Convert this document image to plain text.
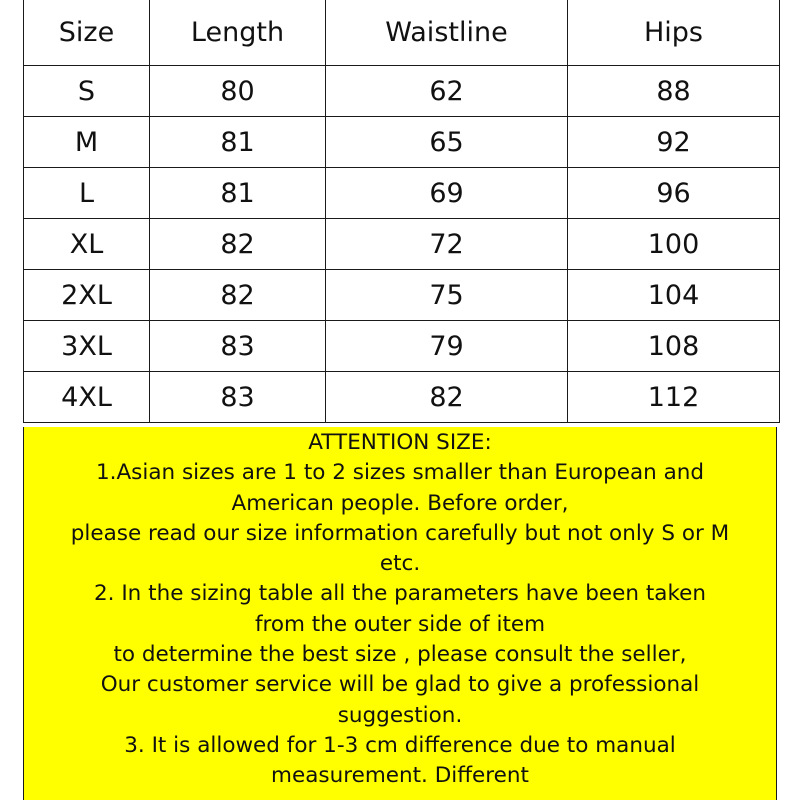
Size	Length	Waistline	Hips
S	80	62	88
M	81	65	92
L	81	69	96
XL	82	72	100
2XL	82	75	104
3XL	83	79	108
4XL	83	82	112
ATTENTION SIZE:
1.Asian sizes are 1 to 2 sizes smaller than European and
American people. Before order,
please read our size information carefully but not only S or M
etc.
2. In the sizing table all the parameters have been taken
from the outer side of item
to determine the best size , please consult the seller,
Our customer service will be glad to give a professional
suggestion.
3. It is allowed for 1-3 cm difference due to manual
measurement. Different
